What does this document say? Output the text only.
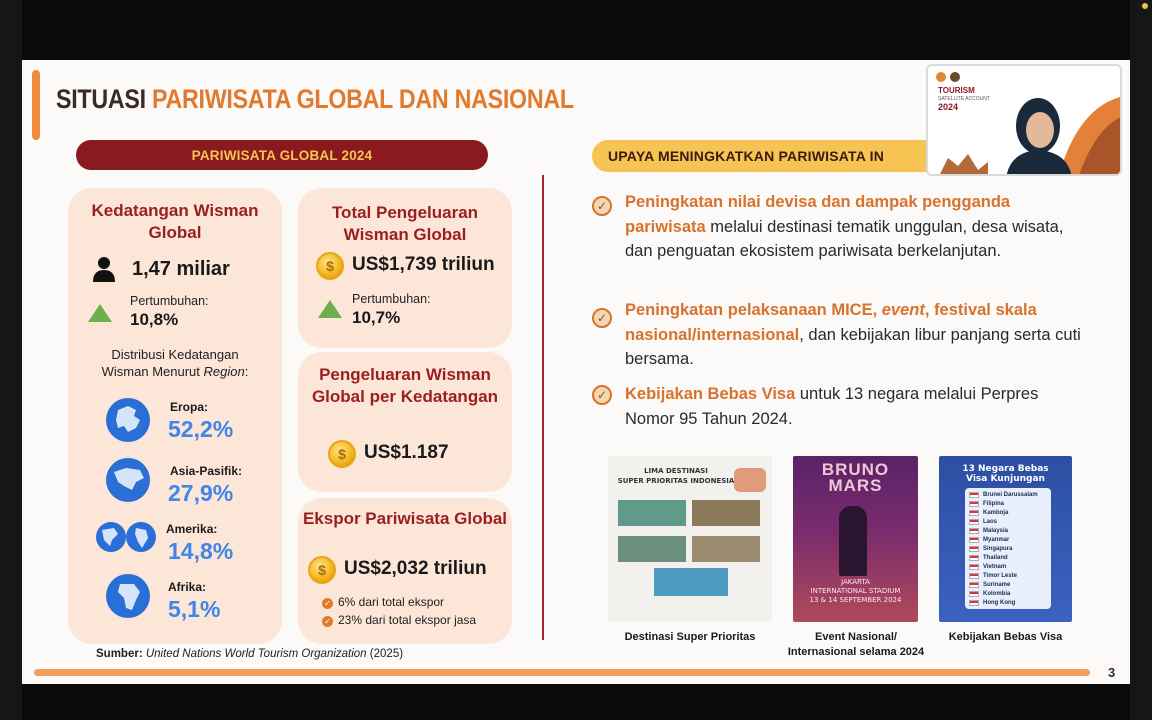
SITUASI PARIWISATA GLOBAL DAN NASIONAL
PARIWISATA GLOBAL 2024
Kedatangan Wisman Global
1,47 miliar
Pertumbuhan:
10,8%
Distribusi Kedatangan
Wisman Menurut Region:
Eropa:
52,2%
Asia-Pasifik:
27,9%
Amerika:
14,8%
Afrika:
5,1%
Total Pengeluaran Wisman Global
$ US$1,739 triliun
Pertumbuhan:
10,7%
Pengeluaran Wisman Global per Kedatangan
$ US$1.187
Ekspor Pariwisata Global
$ US$2,032 triliun
✓ 6% dari total ekspor
✓ 23% dari total ekspor jasa
UPAYA MENINGKATKAN PARIWISATA IN
✓	Peningkatan nilai devisa dan dampak pengganda pariwisata melalui destinasi tematik unggulan, desa wisata, dan penguatan ekosistem pariwisata berkelanjutan.
✓	Peningkatan pelaksanaan MICE, event, festival skala nasional/internasional, dan kebijakan libur panjang serta cuti bersama.
✓	Kebijakan Bebas Visa untuk 13 negara melalui Perpres Nomor 95 Tahun 2024.
LIMA DESTINASI
SUPER PRIORITAS INDONESIA
Destinasi Super Prioritas
BRUNO
MARS
JAKARTA
INTERNATIONAL STADIUM
13 & 14 SEPTEMBER 2024
Event Nasional/
Internasional selama 2024
13 Negara Bebas
Visa Kunjungan
Brunei Darussalam
Filipina
Kamboja
Laos
Malaysia
Myanmar
Singapura
Thailand
Vietnam
Timor Leste
Suriname
Kolombia
Hong Kong
Kebijakan Bebas Visa
Sumber: United Nations World Tourism Organization (2025)
3
TOURISM
SATELLITE ACCOUNT
2024
